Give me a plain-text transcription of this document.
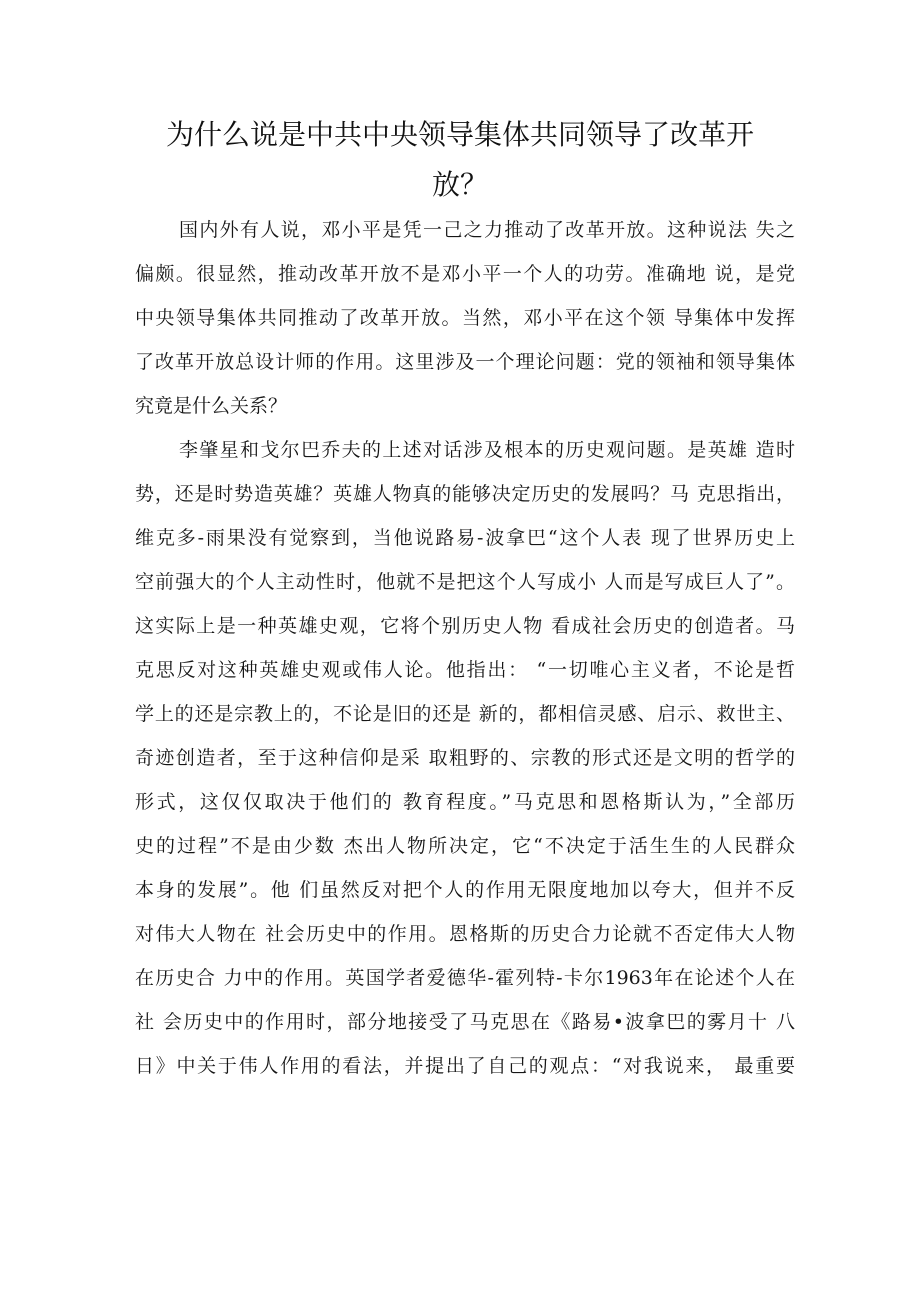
为什么说是中共中央领导集体共同领导了改革开
放？

国内外有人说，邓小平是凭一己之力推动了改革开放。这种说法 失之
偏颇。很显然，推动改革开放不是邓小平一个人的功劳。准确地 说，是党
中央领导集体共同推动了改革开放。当然，邓小平在这个领 导集体中发挥
了改革开放总设计师的作用。这里涉及一个理论问题：党的领袖和领导集体
究竟是什么关系？

李肇星和戈尔巴乔夫的上述对话涉及根本的历史观问题。是英雄 造时
势，还是时势造英雄？英雄人物真的能够决定历史的发展吗？马 克思指出，
维克多-雨果没有觉察到，当他说路易-波拿巴“这个人表 现了世界历史上
空前强大的个人主动性时，他就不是把这个人写成小 人而是写成巨人了”。
这实际上是一种英雄史观，它将个别历史人物 看成社会历史的创造者。马
克思反对这种英雄史观或伟人论。他指出： “一切唯心主义者，不论是哲
学上的还是宗教上的，不论是旧的还是 新的，都相信灵感、启示、救世主、
奇迹创造者，至于这种信仰是采 取粗野的、宗教的形式还是文明的哲学的
形式，这仅仅取决于他们的 教育程度。”马克思和恩格斯认为，”全部历
史的过程”不是由少数 杰出人物所决定，它“不决定于活生生的人民群众
本身的发展”。他 们虽然反对把个人的作用无限度地加以夸大，但并不反
对伟大人物在 社会历史中的作用。恩格斯的历史合力论就不否定伟大人物
在历史合 力中的作用。英国学者爱德华-霍列特-卡尔1963年在论述个人在
社 会历史中的作用时，部分地接受了马克思在《路易•波拿巴的雾月十 八
日》中关于伟人作用的看法，并提出了自己的观点：“对我说来， 最重要
